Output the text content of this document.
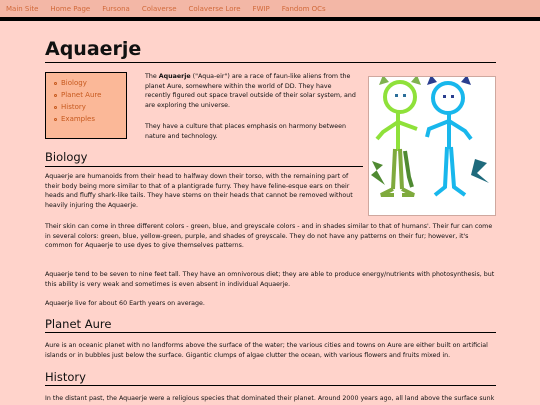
Main Site	Home Page	Fursona	Colaverse	Colaverse Lore	FWIP	Fandom OCs
Aquaerje
Biology
Planet Aure
History
Examples

The Aquaerje ("Aqua-eir") are a race of faun-like aliens from the planet Aure, somewhere within the world of DD. They have recently figured out space travel outside of their solar system, and are exploring the universe.

They have a culture that places emphasis on harmony between nature and technology.

Biology

Aquaerje are humanoids from their head to halfway down their torso, with the remaining part of their body being more similar to that of a plantigrade furry. They have feline-esque ears on their heads and fluffy shark-like tails. They have stems on their heads that cannot be removed without heavily injuring the Aquaerje.

Their skin can come in three different colors - green, blue, and greyscale colors - and in shades similar to that of humans'. Their fur can come in several colors: green, blue, yellow-green, purple, and shades of greyscale. They do not have any patterns on their fur; however, it's common for Aquaerje to use dyes to give themselves patterns.

Aquaerje tend to be seven to nine feet tall. They have an omnivorous diet; they are able to produce energy/nutrients with photosynthesis, but this ability is very weak and sometimes is even absent in individual Aquaerje.

Aquaerje live for about 60 Earth years on average.

Planet Aure

Aure is an oceanic planet with no landforms above the surface of the water; the various cities and towns on Aure are either built on artificial islands or in bubbles just below the surface. Gigantic clumps of algae clutter the ocean, with various flowers and fruits mixed in.

History

In the distant past, the Aquaerje were a religious species that dominated their planet. Around 2000 years ago, all land above the surface sunk
